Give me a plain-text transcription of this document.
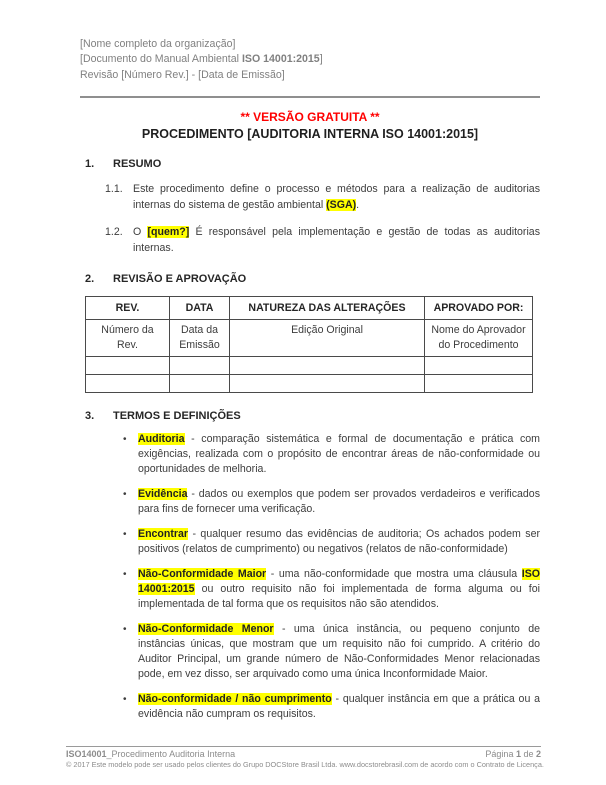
[Nome completo da organização]
[Documento do Manual Ambiental ISO 14001:2015]
Revisão [Número Rev.] - [Data de Emissão]
** VERSÃO GRATUITA **
PROCEDIMENTO [AUDITORIA INTERNA ISO 14001:2015]
1.	RESUMO
1.1. Este procedimento define o processo e métodos para a realização de auditorias internas do sistema de gestão ambiental (SGA).
1.2. O [quem?] É responsável pela implementação e gestão de todas as auditorias internas.
2.	REVISÃO E APROVAÇÃO
REV.	DATA	NATUREZA DAS ALTERAÇÕES	APROVADO POR:
Número da Rev.	Data da Emissão	Edição Original	Nome do Aprovador do Procedimento

3.	TERMOS E DEFINIÇÕES
•	Auditoria - comparação sistemática e formal de documentação e prática com exigências, realizada com o propósito de encontrar áreas de não-conformidade ou oportunidades de melhoria.
•	Evidência - dados ou exemplos que podem ser provados verdadeiros e verificados para fins de fornecer uma verificação.
•	Encontrar - qualquer resumo das evidências de auditoria; Os achados podem ser positivos (relatos de cumprimento) ou negativos (relatos de não-conformidade)
•	Não-Conformidade Maior - uma não-conformidade que mostra uma cláusula ISO 14001:2015 ou outro requisito não foi implementada de forma alguma ou foi implementada de tal forma que os requisitos não são atendidos.
•	Não-Conformidade Menor - uma única instância, ou pequeno conjunto de instâncias únicas, que mostram que um requisito não foi cumprido. A critério do Auditor Principal, um grande número de Não-Conformidades Menor relacionadas pode, em vez disso, ser arquivado como uma única Inconformidade Maior.
•	Não-conformidade / não cumprimento - qualquer instância em que a prática ou a evidência não cumpram os requisitos.
ISO14001_Procedimento Auditoria Interna	Página 1 de 2
© 2017 Este modelo pode ser usado pelos clientes do Grupo DOCStore Brasil Ltda. www.docstorebrasil.com de acordo com o Contrato de Licença.
